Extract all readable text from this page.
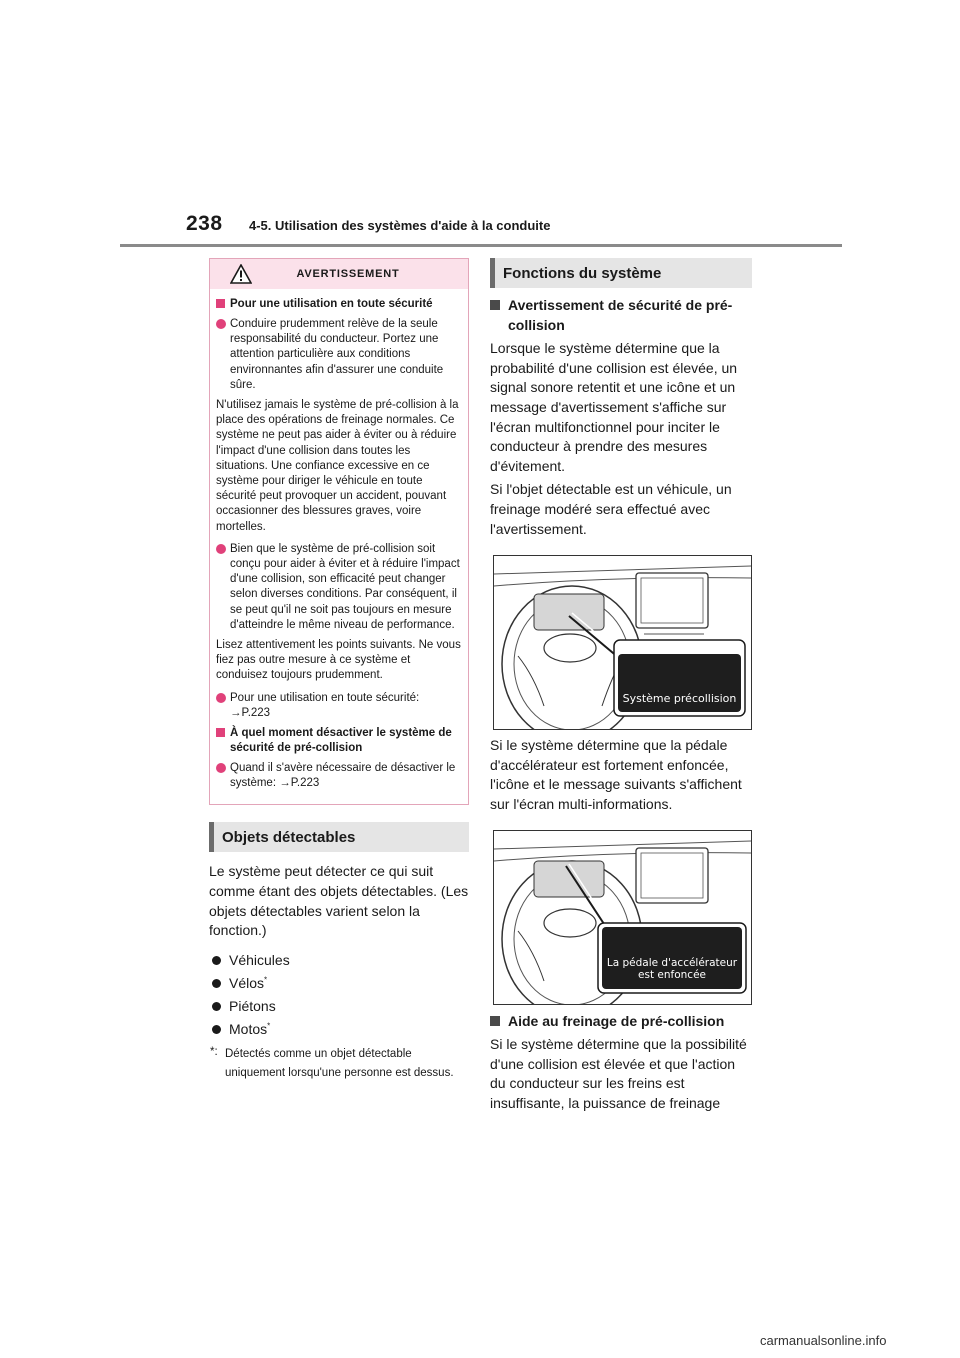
238 4-5. Utilisation des systèmes d'aide à la conduite
AVERTISSEMENT
Pour une utilisation en toute sécurité
Conduire prudemment relève de la seule responsabilité du conducteur. Portez une attention particulière aux conditions environnantes afin d'assurer une conduite sûre.

N'utilisez jamais le système de pré-collision à la place des opérations de freinage normales. Ce système ne peut pas aider à éviter ou à réduire l'impact d'une collision dans toutes les situations. Une confiance excessive en ce système pour diriger le véhicule en toute sécurité peut provoquer un accident, pouvant occasionner des blessures graves, voire mortelles.

Bien que le système de pré-collision soit conçu pour aider à éviter et à réduire l'impact d'une collision, son efficacité peut changer selon diverses conditions. Par conséquent, il se peut qu'il ne soit pas toujours en mesure d'atteindre le même niveau de performance.

Lisez attentivement les points suivants. Ne vous fiez pas outre mesure à ce système et conduisez toujours prudemment.

Pour une utilisation en toute sécurité:
→P.223
À quel moment désactiver le système de sécurité de pré-collision
Quand il s'avère nécessaire de désactiver le système: →P.223
Objets détectables

Le système peut détecter ce qui suit comme étant des objets détectables. (Les objets détectables varient selon la fonction.)

Véhicules
Vélos*
Piétons
Motos*
*: Détectés comme un objet détectable uniquement lorsqu'une personne est dessus.
Fonctions du système
Avertissement de sécurité de pré-collision

Lorsque le système détermine que la probabilité d'une collision est élevée, un signal sonore retentit et une icône et un message d'avertissement s'affiche sur l'écran multifonctionnel pour inciter le conducteur à prendre des mesures d'évitement.

Si l'objet détectable est un véhicule, un freinage modéré sera effectué avec l'avertissement.

Système précollision

Si le système détermine que la pédale d'accélérateur est fortement enfoncée, l'icône et le message suivants s'affichent sur l'écran multi-informations.

La pédale d'accélérateur
est enfoncée
Aide au freinage de pré-collision

Si le système détermine que la possibilité d'une collision est élevée et que l'action du conducteur sur les freins est insuffisante, la puissance de freinage

carmanualsonline.info
